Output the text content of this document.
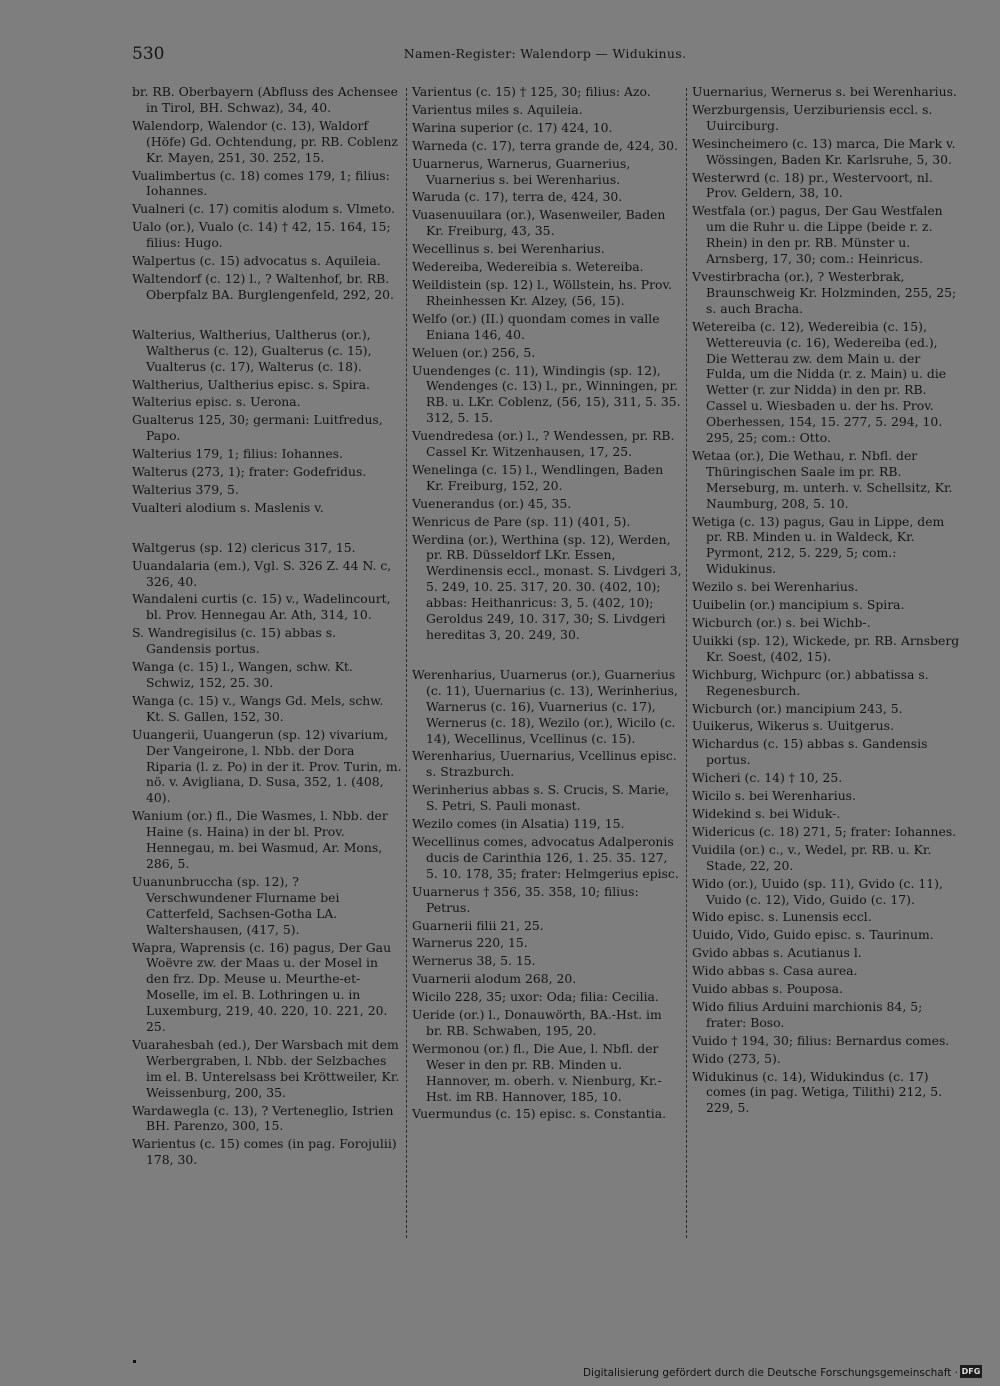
530	Namen-Register: Walendorp — Widukinus.
br. RB. Oberbayern (Abfluss des Achensee in Tirol, BH. Schwaz), 34, 40.
Walendorp, Walendor (c. 13), Waldorf (Höfe) Gd. Ochtendung, pr. RB. Coblenz Kr. Mayen, 251, 30. 252, 15.
Vualimbertus (c. 18) comes 179, 1; filius: Iohannes.
Vualneri (c. 17) comitis alodum s. Vlmeto.
Ualo (or.), Vualo (c. 14) † 42, 15. 164, 15; filius: Hugo.
Walpertus (c. 15) advocatus s. Aquileia.
Waltendorf (c. 12) l., ? Waltenhof, br. RB. Oberpfalz BA. Burglengenfeld, 292, 20.
Walterius, Waltherius, Ualtherus (or.), Waltherus (c. 12), Gualterus (c. 15), Vualterus (c. 17), Walterus (c. 18).
Waltherius, Ualtherius episc. s. Spira.
Walterius episc. s. Uerona.
Gualterus 125, 30; germani: Luitfredus, Papo.
Walterius 179, 1; filius: Iohannes.
Walterus (273, 1); frater: Godefridus.
Walterius 379, 5.
Vualteri alodium s. Maslenis v.
Waltgerus (sp. 12) clericus 317, 15.
Uuandalaria (em.), Vgl. S. 326 Z. 44 N. c, 326, 40.
Wandaleni curtis (c. 15) v., Wadelincourt, bl. Prov. Hennegau Ar. Ath, 314, 10.
S. Wandregisilus (c. 15) abbas s. Gandensis portus.
Wanga (c. 15) l., Wangen, schw. Kt. Schwiz, 152, 25. 30.
Wanga (c. 15) v., Wangs Gd. Mels, schw. Kt. S. Gallen, 152, 30.
Uuangerii, Uuangerun (sp. 12) vivarium, Der Vangeirone, l. Nbb. der Dora Riparia (l. z. Po) in der it. Prov. Turin, m. nö. v. Avigliana, D. Susa, 352, 1. (408, 40).
Wanium (or.) fl., Die Wasmes, l. Nbb. der Haine (s. Haina) in der bl. Prov. Hennegau, m. bei Wasmud, Ar. Mons, 286, 5.
Uuanunbruccha (sp. 12), ? Verschwundener Flurname bei Catterfeld, Sachsen-Gotha LA. Waltershausen, (417, 5).
Wapra, Waprensis (c. 16) pagus, Der Gau Woëvre zw. der Maas u. der Mosel in den frz. Dp. Meuse u. Meurthe-et-Moselle, im el. B. Lothringen u. in Luxemburg, 219, 40. 220, 10. 221, 20. 25.
Vuarahesbah (ed.), Der Warsbach mit dem Werbergraben, l. Nbb. der Selzbaches im el. B. Unterelsass bei Kröttweiler, Kr. Weissenburg, 200, 35.
Wardawegla (c. 13), ? Verteneglio, Istrien BH. Parenzo, 300, 15.
Warientus (c. 15) comes (in pag. Forojulii) 178, 30.
Varientus (c. 15) † 125, 30; filius: Azo.
Varientus miles s. Aquileia.
Warina superior (c. 17) 424, 10.
Warneda (c. 17), terra grande de, 424, 30.
Uuarnerus, Warnerus, Guarnerius, Vuarnerius s. bei Werenharius.
Waruda (c. 17), terra de, 424, 30.
Vuasenuuilara (or.), Wasenweiler, Baden Kr. Freiburg, 43, 35.
Wecellinus s. bei Werenharius.
Wedereiba, Wedereibia s. Wetereiba.
Weildistein (sp. 12) l., Wöllstein, hs. Prov. Rheinhessen Kr. Alzey, (56, 15).
Welfo (or.) (II.) quondam comes in valle Eniana 146, 40.
Weluen (or.) 256, 5.
Uuendenges (c. 11), Windingis (sp. 12), Wendenges (c. 13) l., pr., Winningen, pr. RB. u. LKr. Coblenz, (56, 15), 311, 5. 35. 312, 5. 15.
Vuendredesa (or.) l., ? Wendessen, pr. RB. Cassel Kr. Witzenhausen, 17, 25.
Wenelinga (c. 15) l., Wendlingen, Baden Kr. Freiburg, 152, 20.
Vuenerandus (or.) 45, 35.
Wenricus de Pare (sp. 11) (401, 5).
Werdina (or.), Werthina (sp. 12), Werden, pr. RB. Düsseldorf LKr. Essen, Werdinensis eccl., monast. S. Livdgeri 3, 5. 249, 10. 25. 317, 20. 30. (402, 10); abbas: Heithanricus: 3, 5. (402, 10); Geroldus 249, 10. 317, 30; S. Livdgeri hereditas 3, 20. 249, 30.
Werenharius, Uuarnerus (or.), Guarnerius (c. 11), Uuernarius (c. 13), Werinherius, Warnerus (c. 16), Vuarnerius (c. 17), Wernerus (c. 18), Wezilo (or.), Wicilo (c. 14), Wecellinus, Vcellinus (c. 15).
Werenharius, Uuernarius, Vcellinus episc. s. Strazburch.
Werinherius abbas s. S. Crucis, S. Marie, S. Petri, S. Pauli monast.
Wezilo comes (in Alsatia) 119, 15.
Wecellinus comes, advocatus Adalperonis ducis de Carinthia 126, 1. 25. 35. 127, 5. 10. 178, 35; frater: Helmgerius episc.
Uuarnerus † 356, 35. 358, 10; filius: Petrus.
Guarnerii filii 21, 25.
Warnerus 220, 15.
Wernerus 38, 5. 15.
Vuarnerii alodum 268, 20.
Wicilo 228, 35; uxor: Oda; filia: Cecilia.
Ueride (or.) l., Donauwörth, BA.-Hst. im br. RB. Schwaben, 195, 20.
Wermonou (or.) fl., Die Aue, l. Nbfl. der Weser in den pr. RB. Minden u. Hannover, m. oberh. v. Nienburg, Kr.-Hst. im RB. Hannover, 185, 10.
Vuermundus (c. 15) episc. s. Constantia.
Uuernarius, Wernerus s. bei Werenharius.
Werzburgensis, Uerziburiensis eccl. s. Uuirciburg.
Wesincheimero (c. 13) marca, Die Mark v. Wössingen, Baden Kr. Karlsruhe, 5, 30.
Westerwrd (c. 18) pr., Westervoort, nl. Prov. Geldern, 38, 10.
Westfala (or.) pagus, Der Gau Westfalen um die Ruhr u. die Lippe (beide r. z. Rhein) in den pr. RB. Münster u. Arnsberg, 17, 30; com.: Heinricus.
Vvestirbracha (or.), ? Westerbrak, Braunschweig Kr. Holzminden, 255, 25; s. auch Bracha.
Wetereiba (c. 12), Wedereibia (c. 15), Wettereuvia (c. 16), Wedereiba (ed.), Die Wetterau zw. dem Main u. der Fulda, um die Nidda (r. z. Main) u. die Wetter (r. zur Nidda) in den pr. RB. Cassel u. Wiesbaden u. der hs. Prov. Oberhessen, 154, 15. 277, 5. 294, 10. 295, 25; com.: Otto.
Wetaa (or.), Die Wethau, r. Nbfl. der Thüringischen Saale im pr. RB. Merseburg, m. unterh. v. Schellsitz, Kr. Naumburg, 208, 5. 10.
Wetiga (c. 13) pagus, Gau in Lippe, dem pr. RB. Minden u. in Waldeck, Kr. Pyrmont, 212, 5. 229, 5; com.: Widukinus.
Wezilo s. bei Werenharius.
Uuibelin (or.) mancipium s. Spira.
Wicburch (or.) s. bei Wichb-.
Uuikki (sp. 12), Wickede, pr. RB. Arnsberg Kr. Soest, (402, 15).
Wichburg, Wichpurc (or.) abbatissa s. Regenesburch.
Wicburch (or.) mancipium 243, 5.
Uuikerus, Wikerus s. Uuitgerus.
Wichardus (c. 15) abbas s. Gandensis portus.
Wicheri (c. 14) † 10, 25.
Wicilo s. bei Werenharius.
Widekind s. bei Widuk-.
Widericus (c. 18) 271, 5; frater: Iohannes.
Vuidila (or.) c., v., Wedel, pr. RB. u. Kr. Stade, 22, 20.
Wido (or.), Uuido (sp. 11), Gvido (c. 11), Vuido (c. 12), Vido, Guido (c. 17).
Wido episc. s. Lunensis eccl.
Uuido, Vido, Guido episc. s. Taurinum.
Gvido abbas s. Acutianus l.
Wido abbas s. Casa aurea.
Vuido abbas s. Pouposa.
Wido filius Arduini marchionis 84, 5; frater: Boso.
Vuido † 194, 30; filius: Bernardus comes.
Wido (273, 5).
Widukinus (c. 14), Widukindus (c. 17) comes (in pag. Wetiga, Tilithi) 212, 5. 229, 5.
Digitalisierung gefördert durch die Deutsche Forschungsgemeinschaft · DFG
